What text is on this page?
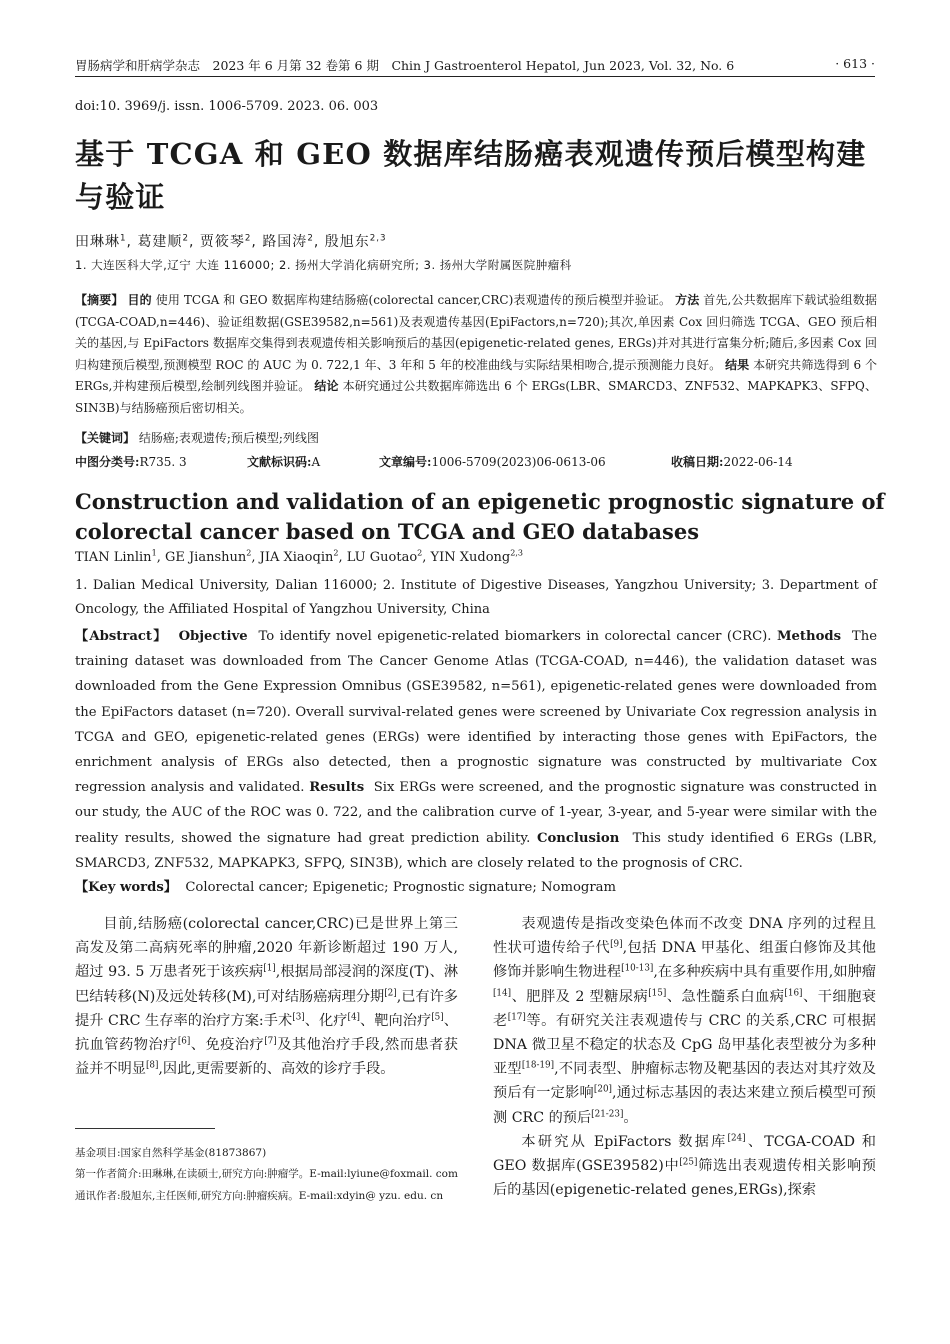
胃肠病学和肝病学杂志　2023 年 6 月第 32 卷第 6 期　Chin J Gastroenterol Hepatol, Jun 2023, Vol. 32, No. 6	· 613 ·
doi:10. 3969/j. issn. 1006-5709. 2023. 06. 003
基于 TCGA 和 GEO 数据库结肠癌表观遗传预后模型构建与验证
田琳琳$^1$, 葛建顺$^2$, 贾筱琴$^2$, 路国涛$^2$, 殷旭东$^{2,3}$
1. 大连医科大学,辽宁 大连 116000; 2. 扬州大学消化病研究所; 3. 扬州大学附属医院肿瘤科
【摘要】 目的 使用 TCGA 和 GEO 数据库构建结肠癌(colorectal cancer,CRC)表观遗传的预后模型并验证。 方法 首先,公共数据库下载试验组数据(TCGA-COAD,n=446)、验证组数据(GSE39582,n=561)及表观遗传基因(EpiFactors,n=720);其次,单因素 Cox 回归筛选 TCGA、GEO 预后相关的基因,与 EpiFactors 数据库交集得到表观遗传相关影响预后的基因(epigenetic-related genes, ERGs)并对其进行富集分析;随后,多因素 Cox 回归构建预后模型,预测模型 ROC 的 AUC 为 0. 722,1 年、3 年和 5 年的校准曲线与实际结果相吻合,提示预测能力良好。 结果 本研究共筛选得到 6 个 ERGs,并构建预后模型,绘制列线图并验证。 结论 本研究通过公共数据库筛选出 6 个 ERGs(LBR、SMARCD3、ZNF532、MAPKAPK3、SFPQ、SIN3B)与结肠癌预后密切相关。
【关键词】 结肠癌;表观遗传;预后模型;列线图
中图分类号:R735. 3	文献标识码:A	文章编号:1006-5709(2023)06-0613-06	收稿日期:2022-06-14
Construction and validation of an epigenetic prognostic signature of colorectal cancer based on TCGA and GEO databases
TIAN Linlin$^1$, GE Jianshun$^2$, JIA Xiaoqin$^2$, LU Guotao$^2$, YIN Xudong$^{2,3}$
1. Dalian Medical University, Dalian 116000; 2. Institute of Digestive Diseases, Yangzhou University; 3. Department of Oncology, the Affiliated Hospital of Yangzhou University, China
【Abstract】 Objective To identify novel epigenetic-related biomarkers in colorectal cancer (CRC). Methods The training dataset was downloaded from The Cancer Genome Atlas (TCGA-COAD, n=446), the validation dataset was downloaded from the Gene Expression Omnibus (GSE39582, n=561), epigenetic-related genes were downloaded from the EpiFactors dataset (n=720). Overall survival-related genes were screened by Univariate Cox regression analysis in TCGA and GEO, epigenetic-related genes (ERGs) were identified by interacting those genes with EpiFactors, the enrichment analysis of ERGs also detected, then a prognostic signature was constructed by multivariate Cox regression analysis and validated. Results Six ERGs were screened, and the prognostic signature was constructed in our study, the AUC of the ROC was 0. 722, and the calibration curve of 1-year, 3-year, and 5-year were similar with the reality results, showed the signature had great prediction ability. Conclusion This study identified 6 ERGs (LBR, SMARCD3, ZNF532, MAPKAPK3, SFPQ, SIN3B), which are closely related to the prognosis of CRC.
【Key words】 Colorectal cancer; Epigenetic; Prognostic signature; Nomogram

目前,结肠癌(colorectal cancer,CRC)已是世界上第三高发及第二高病死率的肿瘤,2020 年新诊断超过 190 万人,超过 93. 5 万患者死于该疾病[1],根据局部浸润的深度(T)、淋巴结转移(N)及远处转移(M),可对结肠癌病理分期[2],已有许多提升 CRC 生存率的治疗方案:手术[3]、化疗[4]、靶向治疗[5]、抗血管药物治疗[6]、免疫治疗[7]及其他治疗手段,然而患者获益并不明显[8],因此,更需要新的、高效的诊疗手段。

表观遗传是指改变染色体而不改变 DNA 序列的过程且性状可遗传给子代[9],包括 DNA 甲基化、组蛋白修饰及其他修饰并影响生物进程[10-13],在多种疾病中具有重要作用,如肿瘤[14]、肥胖及 2 型糖尿病[15]、急性髓系白血病[16]、干细胞衰老[17]等。有研究关注表观遗传与 CRC 的关系,CRC 可根据 DNA 微卫星不稳定的状态及 CpG 岛甲基化表型被分为多种亚型[18-19],不同表型、肿瘤标志物及靶基因的表达对其疗效及预后有一定影响[20],通过标志基因的表达来建立预后模型可预测 CRC 的预后[21-23]。

本研究从 EpiFactors 数据库[24]、TCGA-COAD 和 GEO 数据库(GSE39582)中[25]筛选出表观遗传相关影响预后的基因(epigenetic-related genes,ERGs),探索

基金项目:国家自然科学基金(81873867)
第一作者简介:田琳琳,在读硕士,研究方向:肿瘤学。E-mail:lyiune@foxmail. com
通讯作者:殷旭东,主任医师,研究方向:肿瘤疾病。E-mail:xdyin@ yzu. edu. cn
